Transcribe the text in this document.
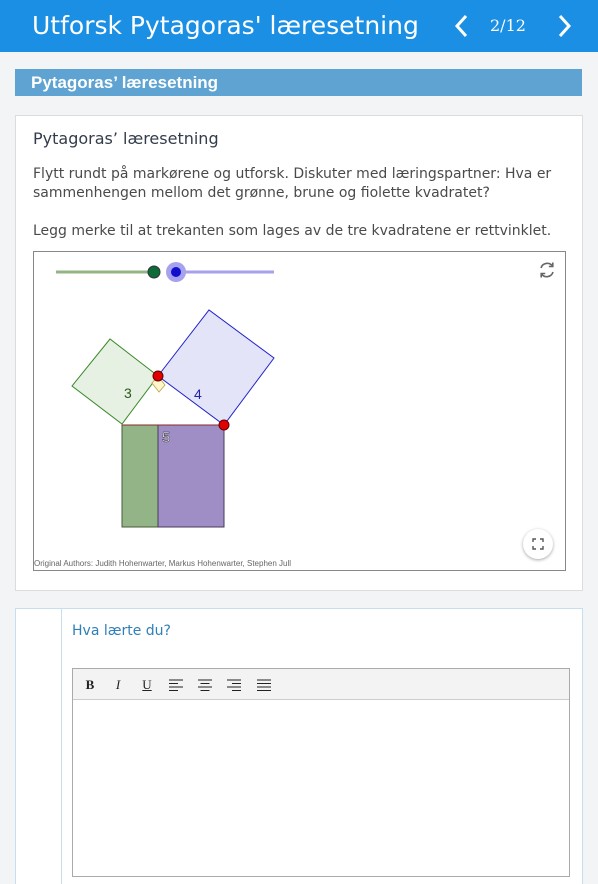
Utforsk Pytagoras' læresetning	2/12
Pytagoras’ læresetning
Pytagoras’ læresetning
Flytt rundt på markørene og utforsk. Diskuter med læringspartner: Hva er sammenhengen mellom det grønne, brune og fiolette kvadratet?
Legg merke til at trekanten som lages av de tre kvadratene er rettvinklet.
3	4
5
Original Authors: Judith Hohenwarter, Markus Hohenwarter, Stephen Jull
Hva lærte du?
B	I	U
